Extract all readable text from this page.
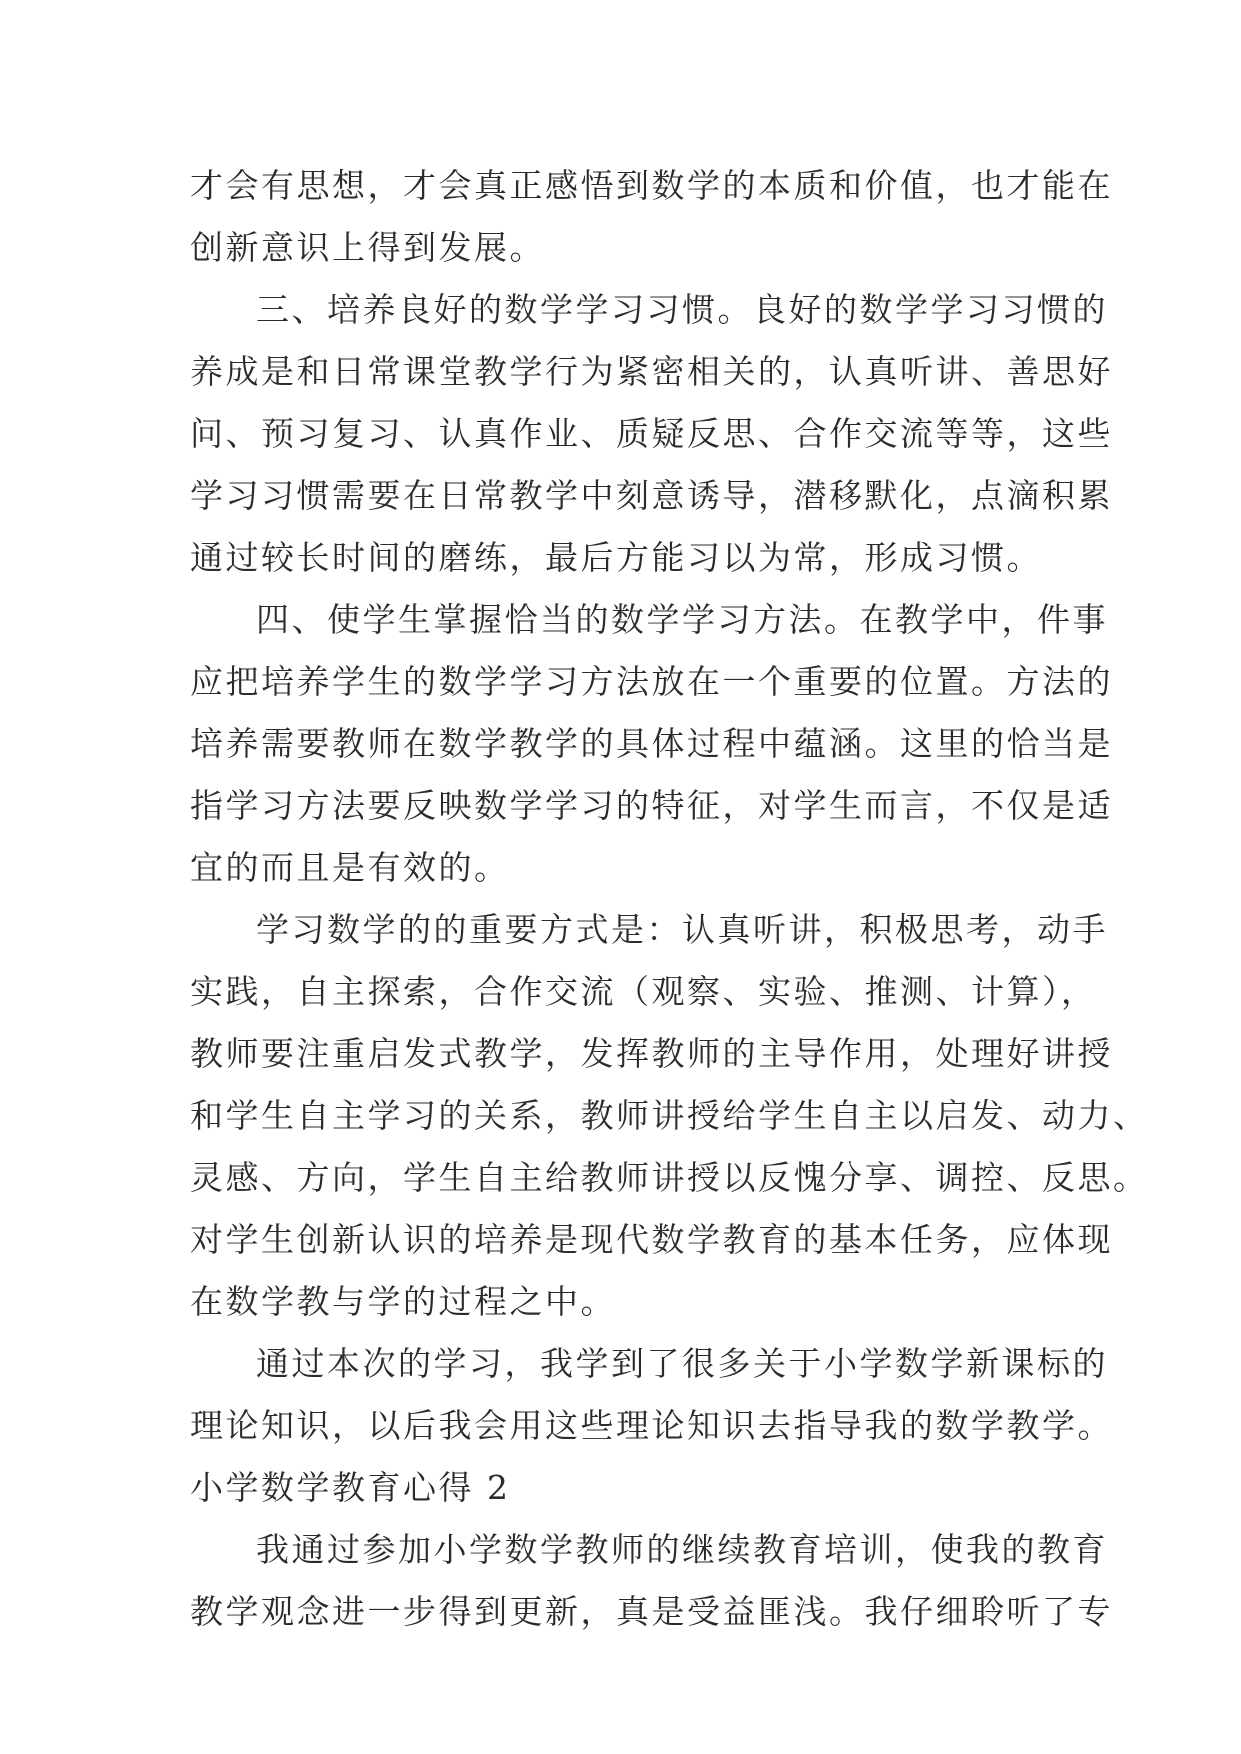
才会有思想，才会真正感悟到数学的本质和价值，也才能在
创新意识上得到发展。
三、培养良好的数学学习习惯。良好的数学学习习惯的
养成是和日常课堂教学行为紧密相关的，认真听讲、善思好
问、预习复习、认真作业、质疑反思、合作交流等等，这些
学习习惯需要在日常教学中刻意诱导，潜移默化，点滴积累
通过较长时间的磨练，最后方能习以为常，形成习惯。
四、使学生掌握恰当的数学学习方法。在教学中，件事
应把培养学生的数学学习方法放在一个重要的位置。方法的
培养需要教师在数学教学的具体过程中蕴涵。这里的恰当是
指学习方法要反映数学学习的特征，对学生而言，不仅是适
宜的而且是有效的。
学习数学的的重要方式是：认真听讲，积极思考，动手
实践，自主探索，合作交流（观察、实验、推测、计算），
教师要注重启发式教学，发挥教师的主导作用，处理好讲授
和学生自主学习的关系，教师讲授给学生自主以启发、动力、
灵感、方向，学生自主给教师讲授以反愧分享、调控、反思。
对学生创新认识的培养是现代数学教育的基本任务，应体现
在数学教与学的过程之中。
通过本次的学习，我学到了很多关于小学数学新课标的
理论知识，以后我会用这些理论知识去指导我的数学教学。
小学数学教育心得 2
我通过参加小学数学教师的继续教育培训，使我的教育
教学观念进一步得到更新，真是受益匪浅。我仔细聆听了专
